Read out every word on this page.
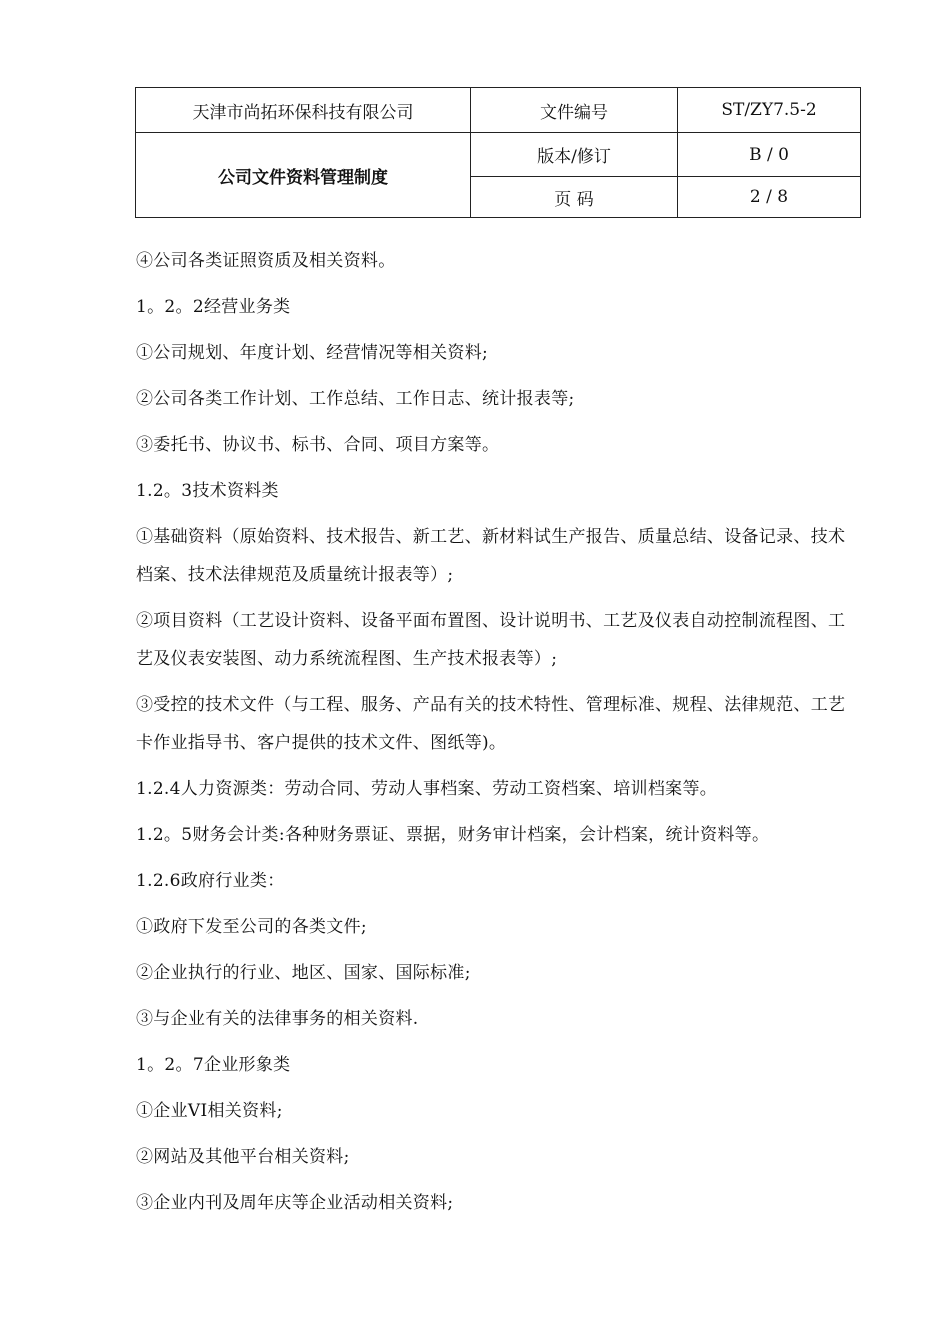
天津市尚拓环保科技有限公司	文件编号	ST/ZY7.5-2
公司文件资料管理制度	版本/修订	B / 0
	页 码	2 / 8

④公司各类证照资质及相关资料。

1。2。2经营业务类

①公司规划、年度计划、经营情况等相关资料;

②公司各类工作计划、工作总结、工作日志、统计报表等;

③委托书、协议书、标书、合同、项目方案等。

1.2。3技术资料类

①基础资料（原始资料、技术报告、新工艺、新材料试生产报告、质量总结、设备记录、技术档案、技术法律规范及质量统计报表等）;

②项目资料（工艺设计资料、设备平面布置图、设计说明书、工艺及仪表自动控制流程图、工艺及仪表安装图、动力系统流程图、生产技术报表等）;

③受控的技术文件（与工程、服务、产品有关的技术特性、管理标准、规程、法律规范、工艺卡作业指导书、客户提供的技术文件、图纸等)。

1.2.4人力资源类：劳动合同、劳动人事档案、劳动工资档案、培训档案等。

1.2。5财务会计类:各种财务票证、票据，财务审计档案，会计档案，统计资料等。

1.2.6政府行业类：

①政府下发至公司的各类文件;

②企业执行的行业、地区、国家、国际标准;

③与企业有关的法律事务的相关资料.

1。2。7企业形象类

①企业VI相关资料;

②网站及其他平台相关资料;

③企业内刊及周年庆等企业活动相关资料;
